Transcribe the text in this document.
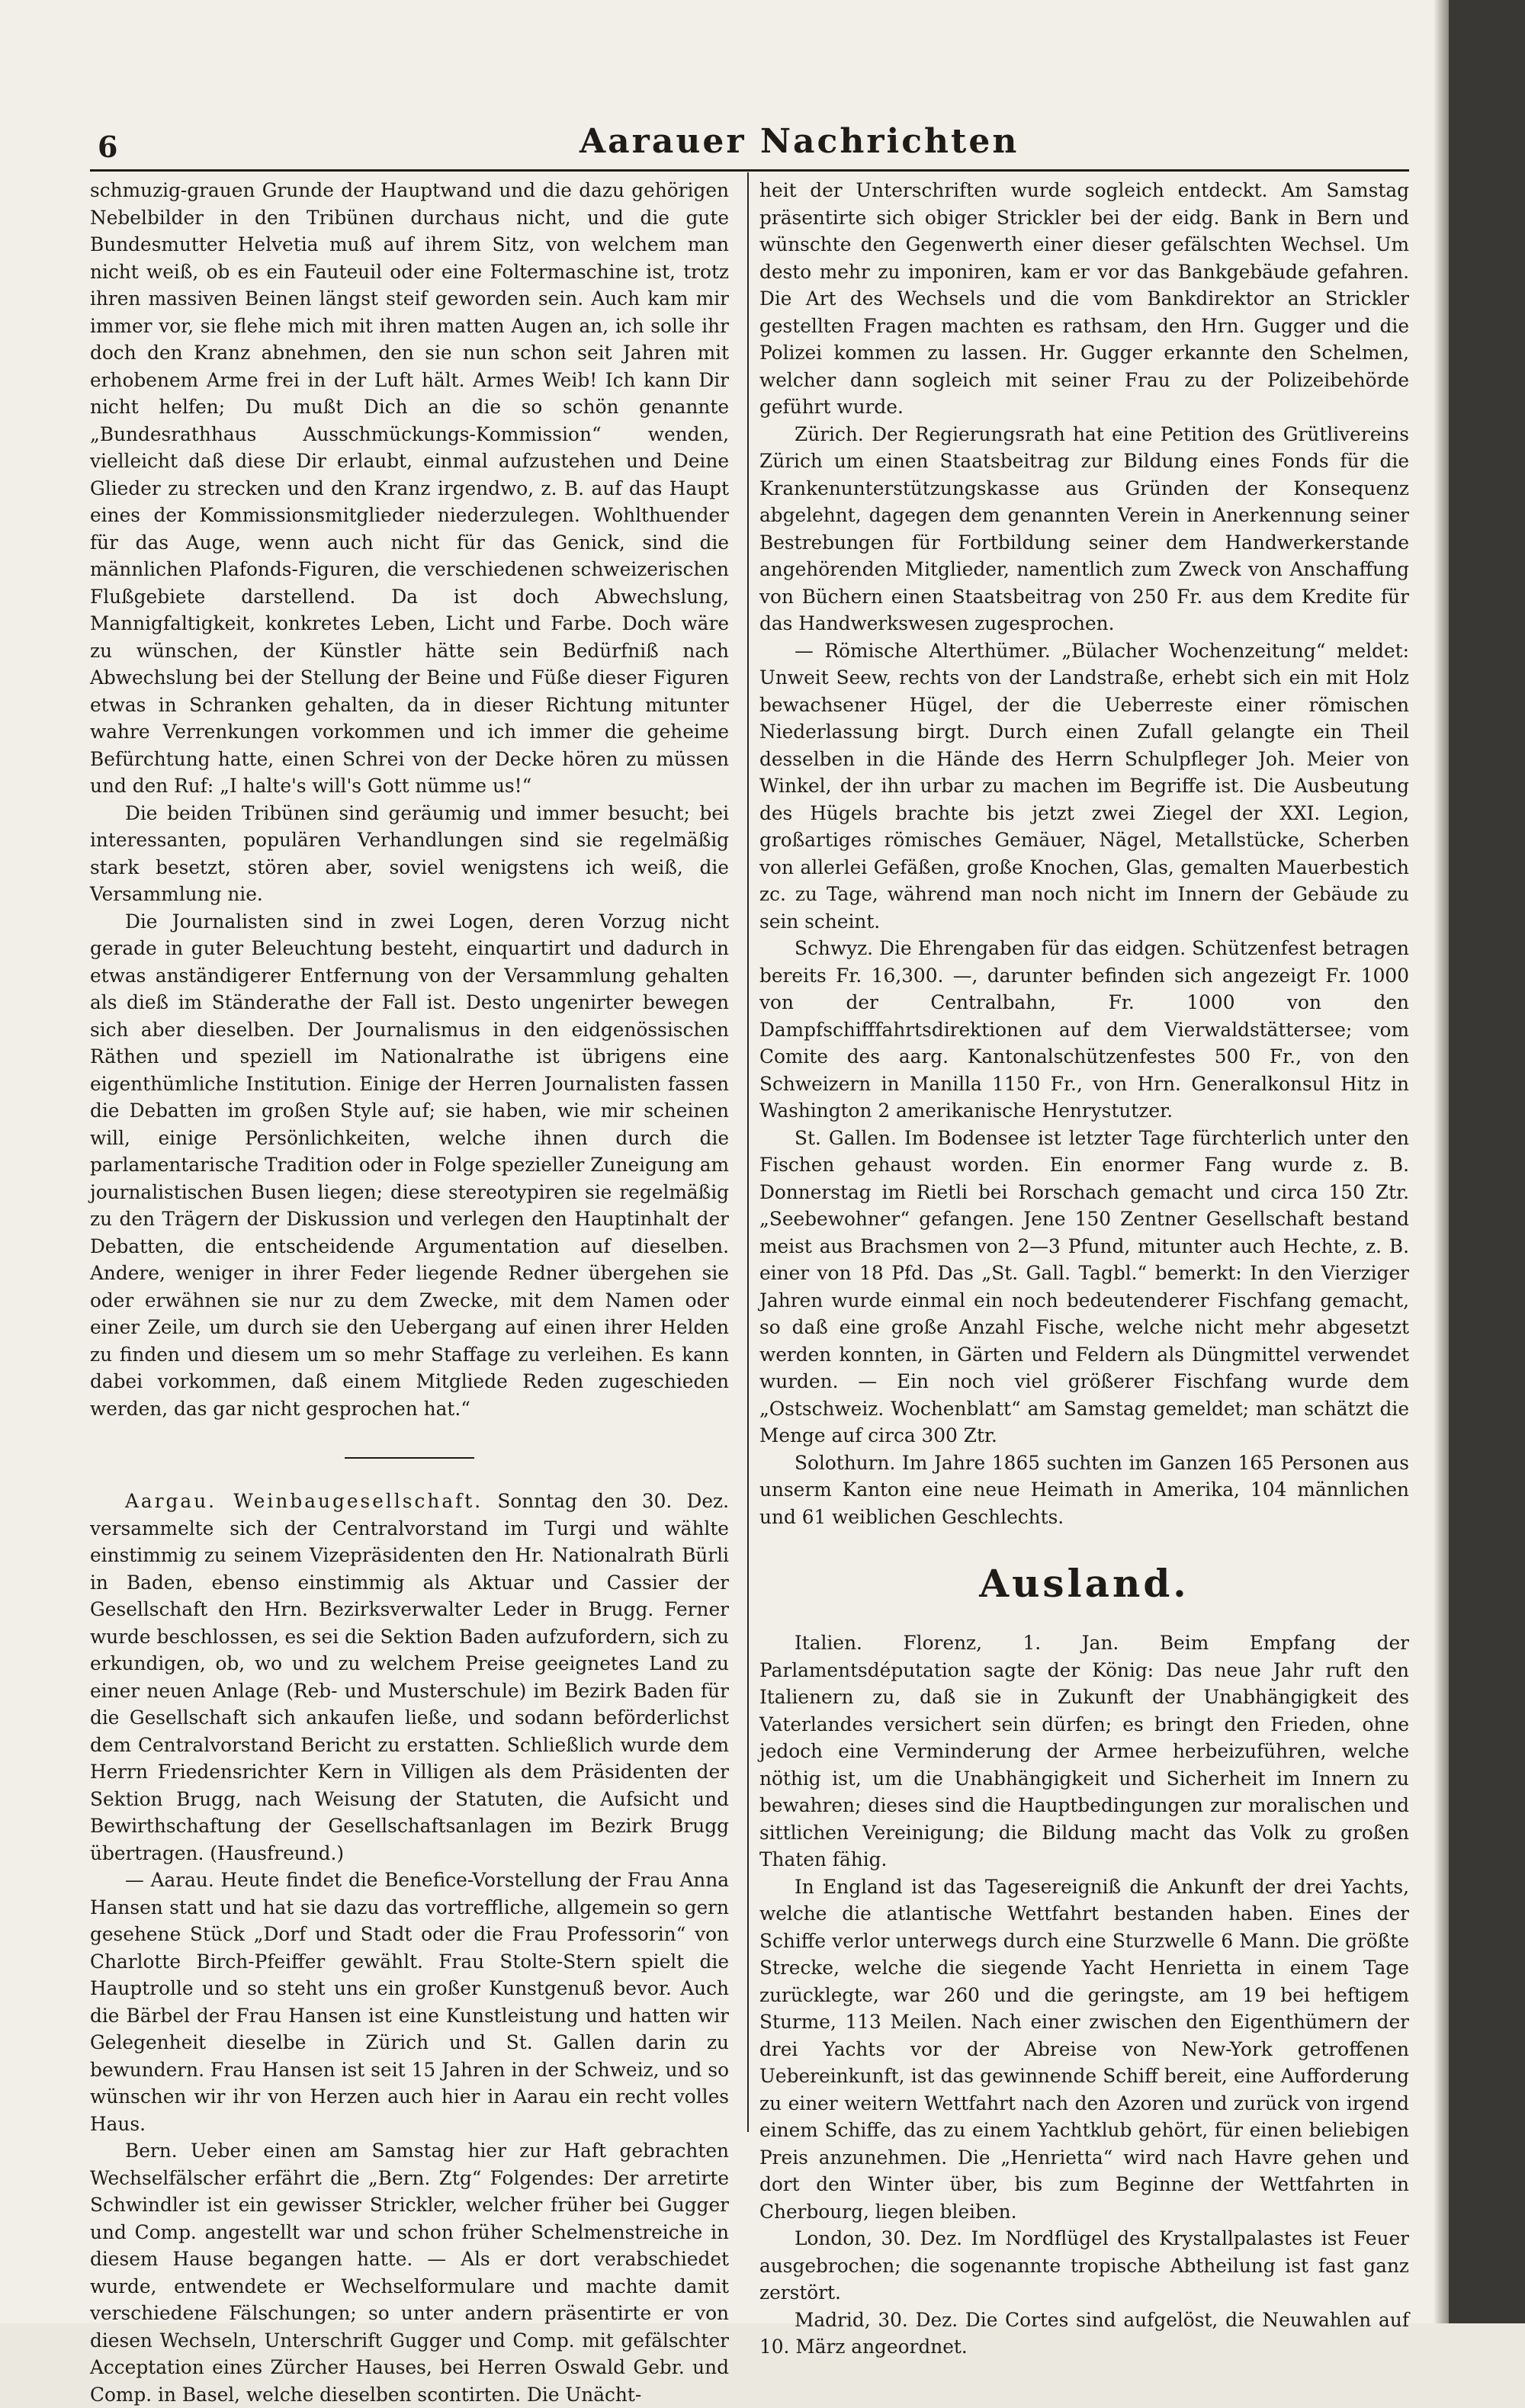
6	Aarauer Nachrichten

schmuzig-grauen Grunde der Hauptwand und die dazu gehörigen Nebelbilder in den Tribünen durchaus nicht, und die gute Bundesmutter Helvetia muß auf ihrem Sitz, von welchem man nicht weiß, ob es ein Fauteuil oder eine Foltermaschine ist, trotz ihren massiven Beinen längst steif geworden sein. Auch kam mir immer vor, sie flehe mich mit ihren matten Augen an, ich solle ihr doch den Kranz abnehmen, den sie nun schon seit Jahren mit erhobenem Arme frei in der Luft hält. Armes Weib! Ich kann Dir nicht helfen; Du mußt Dich an die so schön genannte „Bundesrathhaus Ausschmückungs-Kommission“ wenden, vielleicht daß diese Dir erlaubt, einmal aufzustehen und Deine Glieder zu strecken und den Kranz irgendwo, z. B. auf das Haupt eines der Kommissionsmitglieder niederzulegen. Wohlthuender für das Auge, wenn auch nicht für das Genick, sind die männlichen Plafonds-Figuren, die verschiedenen schweizerischen Flußgebiete darstellend. Da ist doch Abwechslung, Mannigfaltigkeit, konkretes Leben, Licht und Farbe. Doch wäre zu wünschen, der Künstler hätte sein Bedürfniß nach Abwechslung bei der Stellung der Beine und Füße dieser Figuren etwas in Schranken gehalten, da in dieser Richtung mitunter wahre Verrenkungen vorkommen und ich immer die geheime Befürchtung hatte, einen Schrei von der Decke hören zu müssen und den Ruf: „I halte's will's Gott nümme us!“

Die beiden Tribünen sind geräumig und immer besucht; bei interessanten, populären Verhandlungen sind sie regelmäßig stark besetzt, stören aber, soviel wenigstens ich weiß, die Versammlung nie.

Die Journalisten sind in zwei Logen, deren Vorzug nicht gerade in guter Beleuchtung besteht, einquartirt und dadurch in etwas anständigerer Entfernung von der Versammlung gehalten als dieß im Ständerathe der Fall ist. Desto ungenirter bewegen sich aber dieselben. Der Journalismus in den eidgenössischen Räthen und speziell im Nationalrathe ist übrigens eine eigenthümliche Institution. Einige der Herren Journalisten fassen die Debatten im großen Style auf; sie haben, wie mir scheinen will, einige Persönlichkeiten, welche ihnen durch die parlamentarische Tradition oder in Folge spezieller Zuneigung am journalistischen Busen liegen; diese stereotypiren sie regelmäßig zu den Trägern der Diskussion und verlegen den Hauptinhalt der Debatten, die entscheidende Argumentation auf dieselben. Andere, weniger in ihrer Feder liegende Redner übergehen sie oder erwähnen sie nur zu dem Zwecke, mit dem Namen oder einer Zeile, um durch sie den Uebergang auf einen ihrer Helden zu finden und diesem um so mehr Staffage zu verleihen. Es kann dabei vorkommen, daß einem Mitgliede Reden zugeschieden werden, das gar nicht gesprochen hat.“

Aargau. Weinbaugesellschaft. Sonntag den 30. Dez. versammelte sich der Centralvorstand im Turgi und wählte einstimmig zu seinem Vizepräsidenten den Hr. Nationalrath Bürli in Baden, ebenso einstimmig als Aktuar und Cassier der Gesellschaft den Hrn. Bezirksverwalter Leder in Brugg. Ferner wurde beschlossen, es sei die Sektion Baden aufzufordern, sich zu erkundigen, ob, wo und zu welchem Preise geeignetes Land zu einer neuen Anlage (Reb- und Musterschule) im Bezirk Baden für die Gesellschaft sich ankaufen ließe, und sodann beförderlichst dem Centralvorstand Bericht zu erstatten. Schließlich wurde dem Herrn Friedensrichter Kern in Villigen als dem Präsidenten der Sektion Brugg, nach Weisung der Statuten, die Aufsicht und Bewirthschaftung der Gesellschaftsanlagen im Bezirk Brugg übertragen. (Hausfreund.)

— Aarau. Heute findet die Benefice-Vorstellung der Frau Anna Hansen statt und hat sie dazu das vortreffliche, allgemein so gern gesehene Stück „Dorf und Stadt oder die Frau Professorin“ von Charlotte Birch-Pfeiffer gewählt. Frau Stolte-Stern spielt die Hauptrolle und so steht uns ein großer Kunstgenuß bevor. Auch die Bärbel der Frau Hansen ist eine Kunstleistung und hatten wir Gelegenheit dieselbe in Zürich und St. Gallen darin zu bewundern. Frau Hansen ist seit 15 Jahren in der Schweiz, und so wünschen wir ihr von Herzen auch hier in Aarau ein recht volles Haus.

Bern. Ueber einen am Samstag hier zur Haft gebrachten Wechselfälscher erfährt die „Bern. Ztg“ Folgendes: Der arretirte Schwindler ist ein gewisser Strickler, welcher früher bei Gugger und Comp. angestellt war und schon früher Schelmenstreiche in diesem Hause begangen hatte. — Als er dort verabschiedet wurde, entwendete er Wechselformulare und machte damit verschiedene Fälschungen; so unter andern präsentirte er von diesen Wechseln, Unterschrift Gugger und Comp. mit gefälschter Acceptation eines Zürcher Hauses, bei Herren Oswald Gebr. und Comp. in Basel, welche dieselben scontirten. Die Unächt-

heit der Unterschriften wurde sogleich entdeckt. Am Samstag präsentirte sich obiger Strickler bei der eidg. Bank in Bern und wünschte den Gegenwerth einer dieser gefälschten Wechsel. Um desto mehr zu imponiren, kam er vor das Bankgebäude gefahren. Die Art des Wechsels und die vom Bankdirektor an Strickler gestellten Fragen machten es rathsam, den Hrn. Gugger und die Polizei kommen zu lassen. Hr. Gugger erkannte den Schelmen, welcher dann sogleich mit seiner Frau zu der Polizeibehörde geführt wurde.

Zürich. Der Regierungsrath hat eine Petition des Grütlivereins Zürich um einen Staatsbeitrag zur Bildung eines Fonds für die Krankenunterstützungskasse aus Gründen der Konsequenz abgelehnt, dagegen dem genannten Verein in Anerkennung seiner Bestrebungen für Fortbildung seiner dem Handwerkerstande angehörenden Mitglieder, namentlich zum Zweck von Anschaffung von Büchern einen Staatsbeitrag von 250 Fr. aus dem Kredite für das Handwerkswesen zugesprochen.

— Römische Alterthümer. „Bülacher Wochenzeitung“ meldet: Unweit Seew, rechts von der Landstraße, erhebt sich ein mit Holz bewachsener Hügel, der die Ueberreste einer römischen Niederlassung birgt. Durch einen Zufall gelangte ein Theil desselben in die Hände des Herrn Schulpfleger Joh. Meier von Winkel, der ihn urbar zu machen im Begriffe ist. Die Ausbeutung des Hügels brachte bis jetzt zwei Ziegel der XXI. Legion, großartiges römisches Gemäuer, Nägel, Metallstücke, Scherben von allerlei Gefäßen, große Knochen, Glas, gemalten Mauerbestich zc. zu Tage, während man noch nicht im Innern der Gebäude zu sein scheint.

Schwyz. Die Ehrengaben für das eidgen. Schützenfest betragen bereits Fr. 16,300. —, darunter befinden sich angezeigt Fr. 1000 von der Centralbahn, Fr. 1000 von den Dampfschifffahrtsdirektionen auf dem Vierwaldstättersee; vom Comite des aarg. Kantonalschützenfestes 500 Fr., von den Schweizern in Manilla 1150 Fr., von Hrn. Generalkonsul Hitz in Washington 2 amerikanische Henrystutzer.

St. Gallen. Im Bodensee ist letzter Tage fürchterlich unter den Fischen gehaust worden. Ein enormer Fang wurde z. B. Donnerstag im Rietli bei Rorschach gemacht und circa 150 Ztr. „Seebewohner“ gefangen. Jene 150 Zentner Gesellschaft bestand meist aus Brachsmen von 2—3 Pfund, mitunter auch Hechte, z. B. einer von 18 Pfd. Das „St. Gall. Tagbl.“ bemerkt: In den Vierziger Jahren wurde einmal ein noch bedeutenderer Fischfang gemacht, so daß eine große Anzahl Fische, welche nicht mehr abgesetzt werden konnten, in Gärten und Feldern als Düngmittel verwendet wurden. — Ein noch viel größerer Fischfang wurde dem „Ostschweiz. Wochenblatt“ am Samstag gemeldet; man schätzt die Menge auf circa 300 Ztr.

Solothurn. Im Jahre 1865 suchten im Ganzen 165 Personen aus unserm Kanton eine neue Heimath in Amerika, 104 männlichen und 61 weiblichen Geschlechts.

Ausland.

Italien. Florenz, 1. Jan. Beim Empfang der Parlamentsdéputation sagte der König: Das neue Jahr ruft den Italienern zu, daß sie in Zukunft der Unabhängigkeit des Vaterlandes versichert sein dürfen; es bringt den Frieden, ohne jedoch eine Verminderung der Armee herbeizuführen, welche nöthig ist, um die Unabhängigkeit und Sicherheit im Innern zu bewahren; dieses sind die Hauptbedingungen zur moralischen und sittlichen Vereinigung; die Bildung macht das Volk zu großen Thaten fähig.

In England ist das Tagesereigniß die Ankunft der drei Yachts, welche die atlantische Wettfahrt bestanden haben. Eines der Schiffe verlor unterwegs durch eine Sturzwelle 6 Mann. Die größte Strecke, welche die siegende Yacht Henrietta in einem Tage zurücklegte, war 260 und die geringste, am 19 bei heftigem Sturme, 113 Meilen. Nach einer zwischen den Eigenthümern der drei Yachts vor der Abreise von New-York getroffenen Uebereinkunft, ist das gewinnende Schiff bereit, eine Aufforderung zu einer weitern Wettfahrt nach den Azoren und zurück von irgend einem Schiffe, das zu einem Yachtklub gehört, für einen beliebigen Preis anzunehmen. Die „Henrietta“ wird nach Havre gehen und dort den Winter über, bis zum Beginne der Wettfahrten in Cherbourg, liegen bleiben.

London, 30. Dez. Im Nordflügel des Krystallpalastes ist Feuer ausgebrochen; die sogenannte tropische Abtheilung ist fast ganz zerstört.

Madrid, 30. Dez. Die Cortes sind aufgelöst, die Neuwahlen auf 10. März angeordnet.
